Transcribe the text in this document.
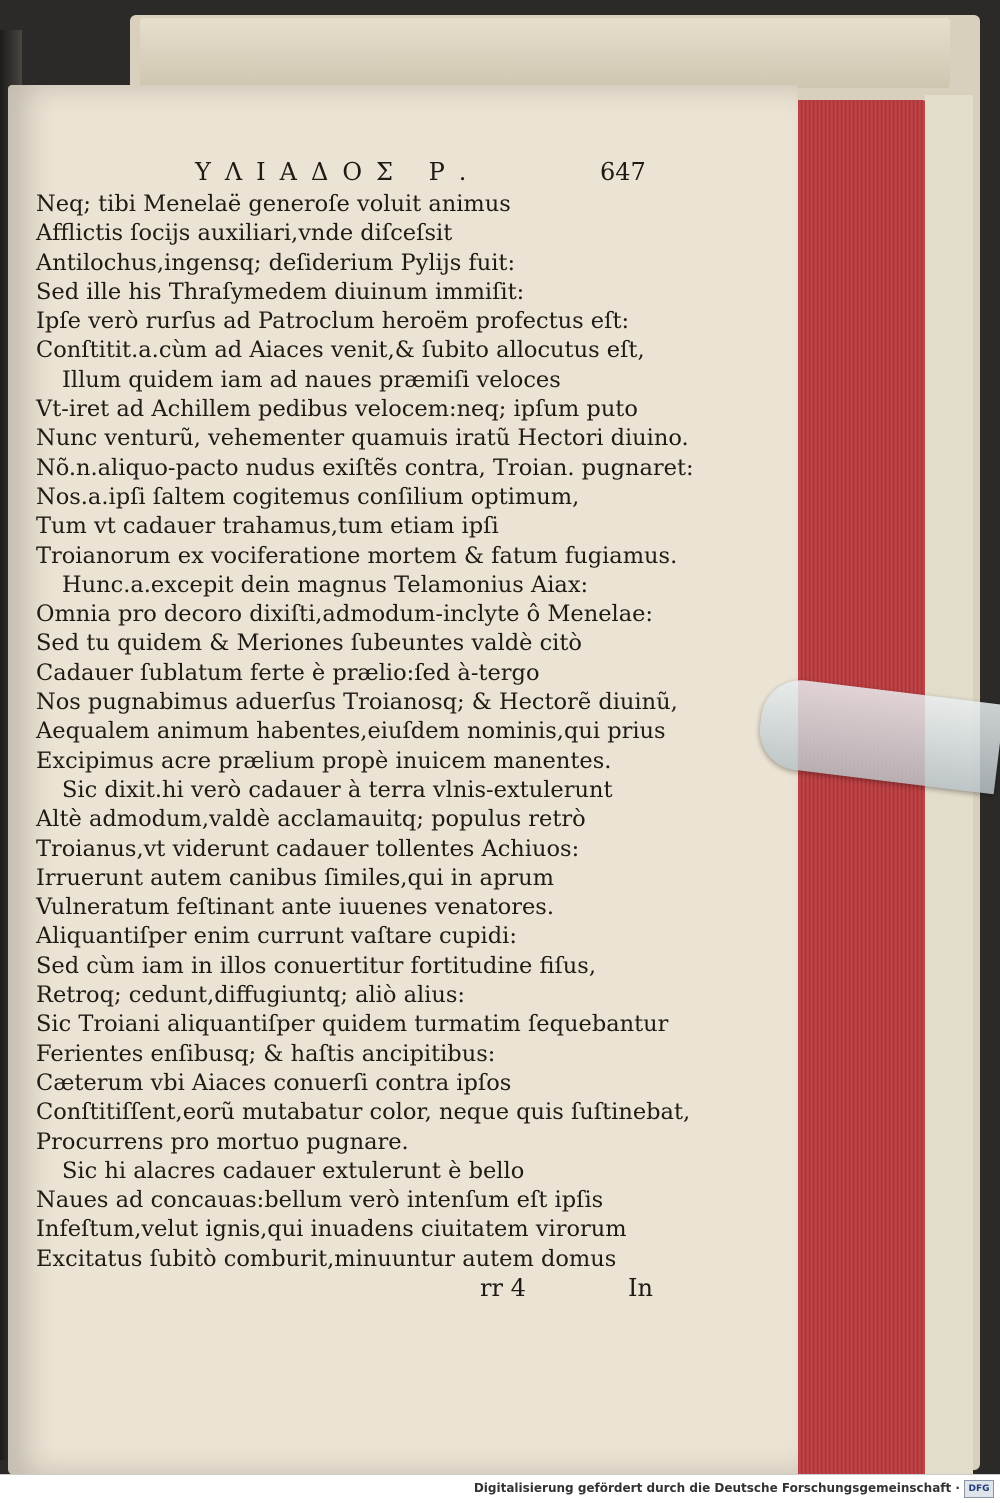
ΥΛΙΑΔΟΣ Ρ.	647
Neq; tibi Menelaë generoſe voluit animus
Afflictis ſocijs auxiliari,vnde diſceſsit
Antilochus,ingensq; deſiderium Pylijs fuit:
Sed ille his Thraſymedem diuinum immiſit:
Ipſe verò rurſus ad Patroclum heroëm profectus eſt:
Conſtitit.a.cùm ad Aiaces venit,& ſubito allocutus eſt,
Illum quidem iam ad naues præmiſi veloces
Vt-iret ad Achillem pedibus velocem:neq; ipſum puto
Nunc venturũ, vehementer quamuis iratũ Hectori diuino.
Nõ.n.aliquo-pacto nudus exiſtẽs contra, Troian. pugnaret:
Nos.a.ipſi ſaltem cogitemus conſilium optimum,
Tum vt cadauer trahamus,tum etiam ipſi
Troianorum ex vociferatione mortem & fatum fugiamus.
Hunc.a.excepit dein magnus Telamonius Aiax:
Omnia pro decoro dixiſti,admodum-inclyte ô Menelae:
Sed tu quidem & Meriones ſubeuntes valdè citò
Cadauer ſublatum ferte è prælio:ſed à-tergo
Nos pugnabimus aduerſus Troianosq; & Hectorẽ diuinũ,
Aequalem animum habentes,eiuſdem nominis,qui prius
Excipimus acre prælium propè inuicem manentes.
Sic dixit.hi verò cadauer à terra vlnis-extulerunt
Altè admodum,valdè acclamauitq; populus retrò
Troianus,vt viderunt cadauer tollentes Achiuos:
Irruerunt autem canibus ſimiles,qui in aprum
Vulneratum feſtinant ante iuuenes venatores.
Aliquantiſper enim currunt vaſtare cupidi:
Sed cùm iam in illos conuertitur fortitudine fiſus,
Retroq; cedunt,diffugiuntq; aliò alius:
Sic Troiani aliquantiſper quidem turmatim ſequebantur
Ferientes enſibusq; & haſtis ancipitibus:
Cæterum vbi Aiaces conuerſi contra ipſos
Conſtitiſſent,eorũ mutabatur color, neque quis ſuſtinebat,
Procurrens pro mortuo pugnare.
Sic hi alacres cadauer extulerunt è bello
Naues ad concauas:bellum verò intenſum eſt ipſis
Infeſtum,velut ignis,qui inuadens ciuitatem virorum
Excitatus ſubitò comburit,minuuntur autem domus
rr 4	In
Digitalisierung gefördert durch die Deutsche Forschungsgemeinschaft · DFG
